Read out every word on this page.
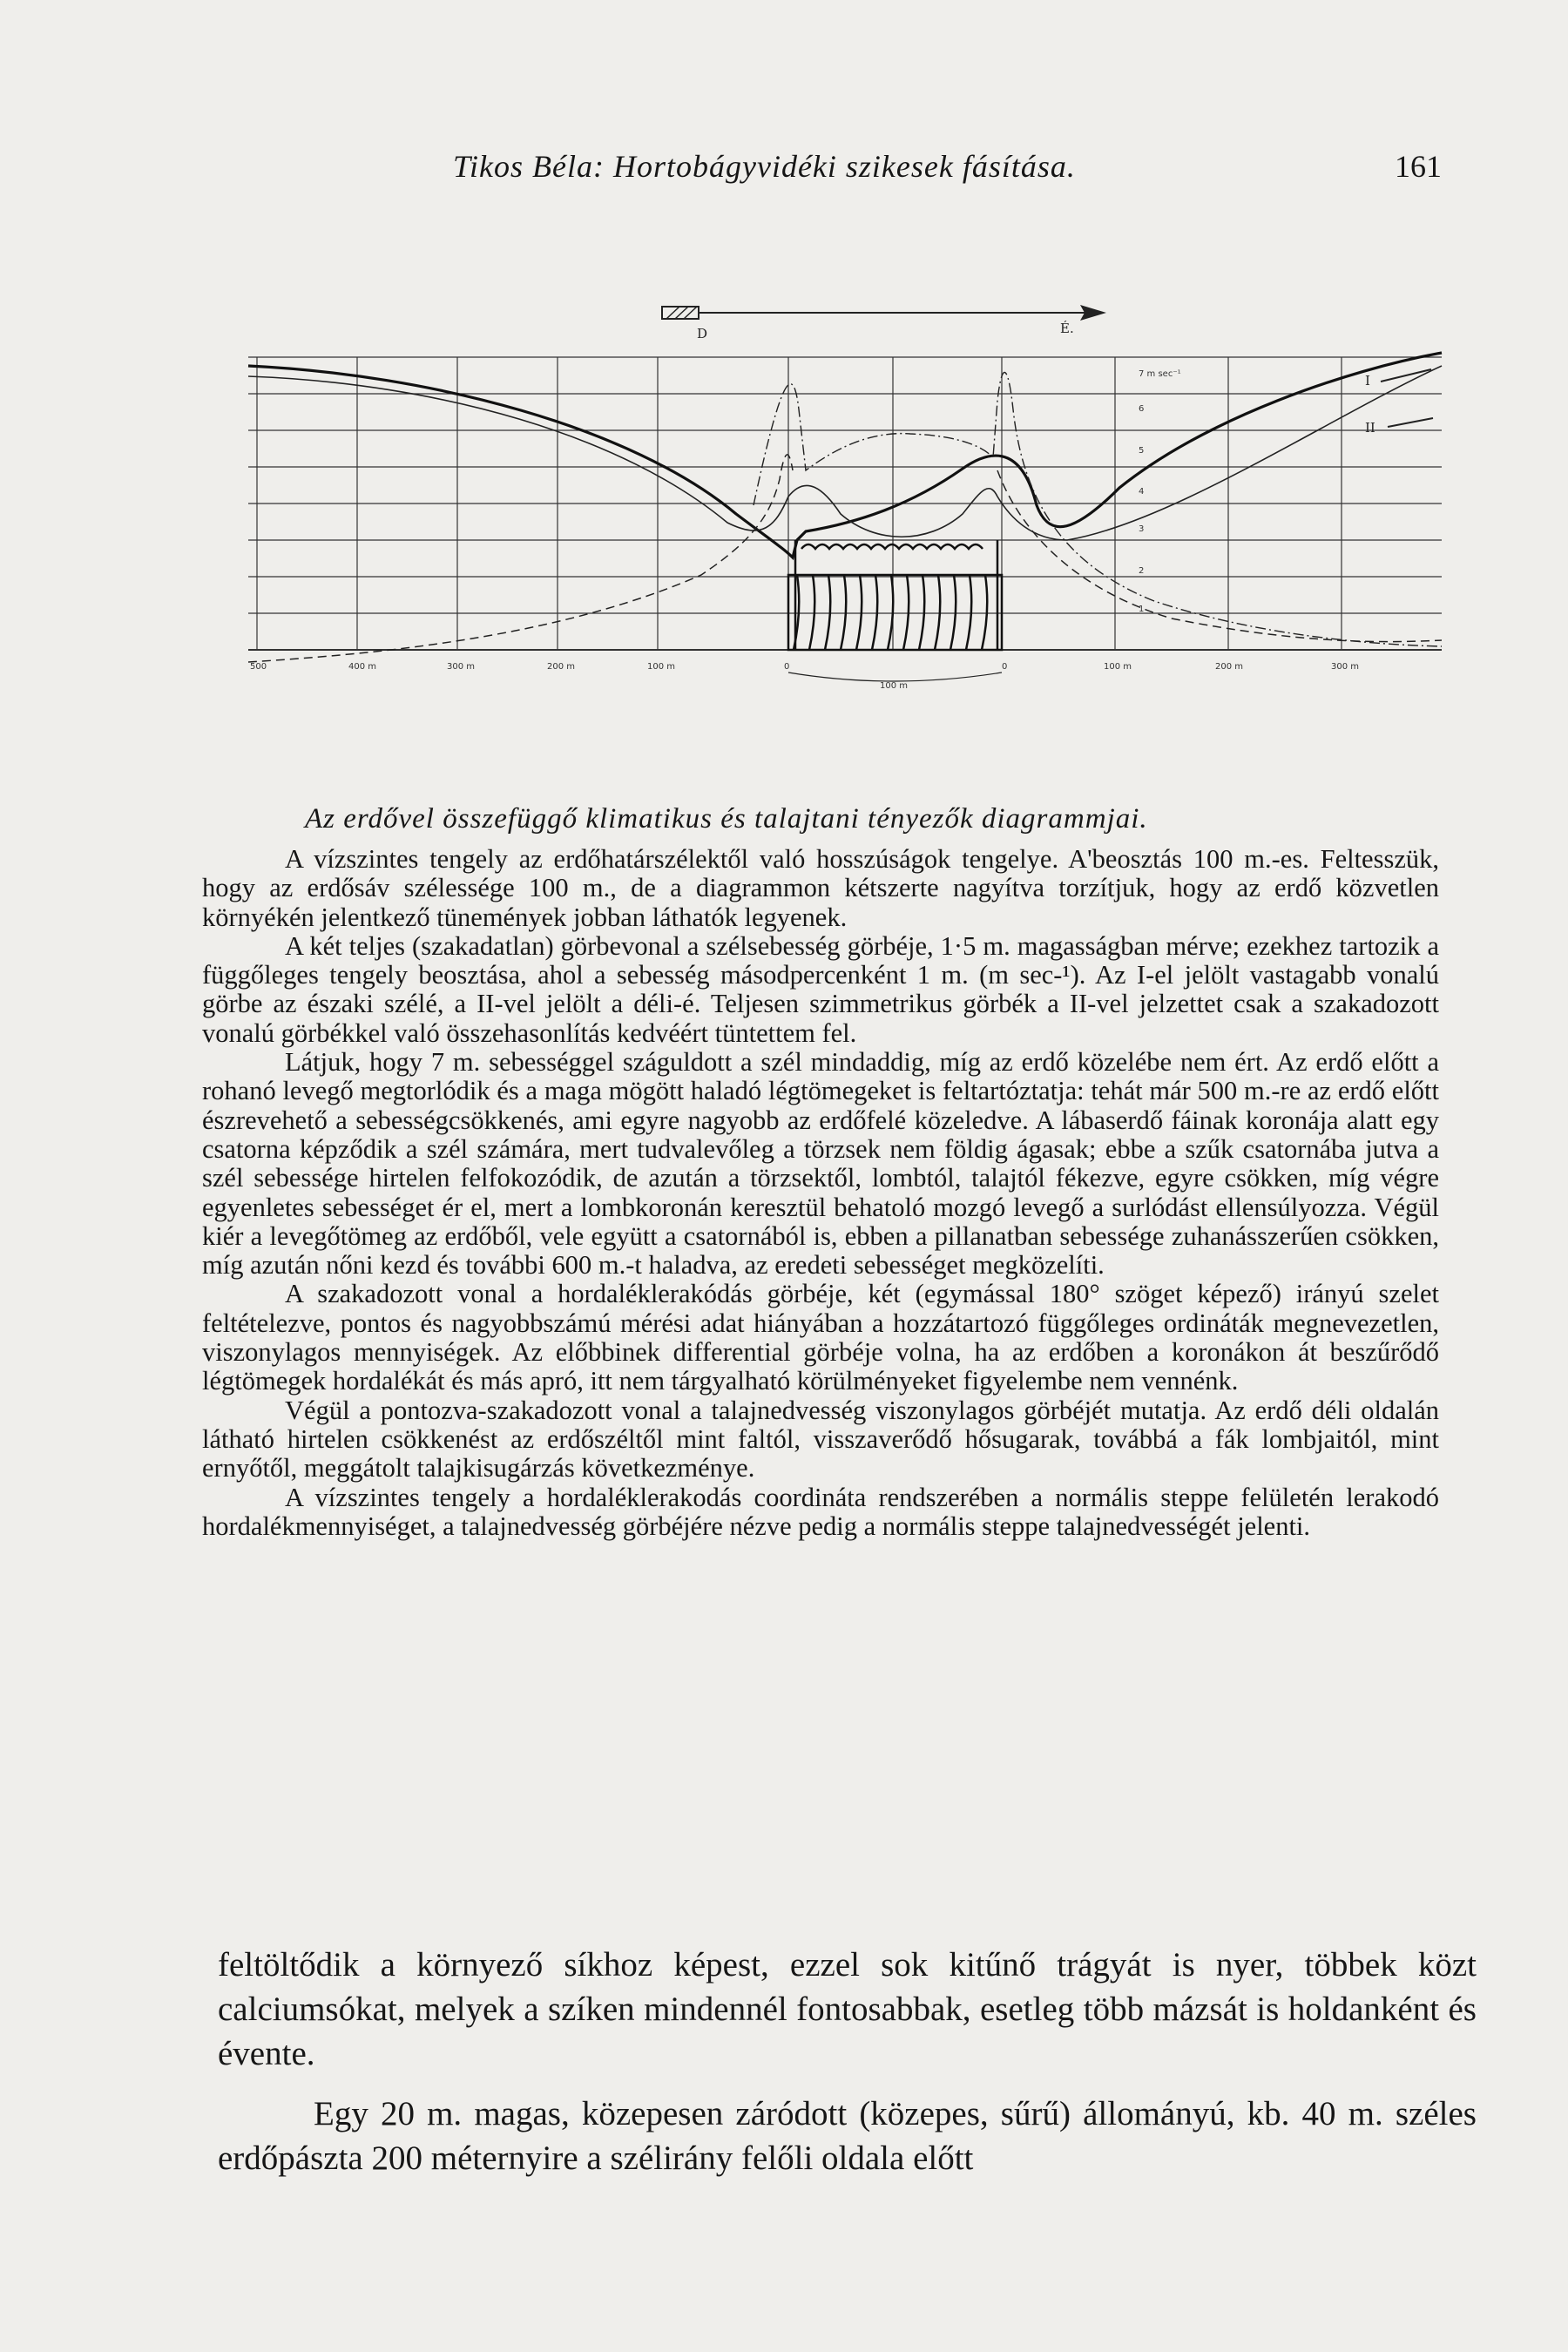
Tikos Béla: Hortobágyvidéki szikesek fásítása.	161
D	É.
7 m sec⁻¹
6
5
4
3
2
1
I
II
500	400 m	300 m	200 m	100 m	0
100 m
0	100 m	200 m	300 m
Az erdővel összefüggő klimatikus és talajtani tényezők diagrammjai.

A vízszintes tengely az erdőhatárszélektől való hosszúságok tengelye. A'beosztás 100 m.-es. Feltesszük, hogy az erdősáv szélessége 100 m., de a diagrammon kétszerte nagyítva torzítjuk, hogy az erdő közvetlen környékén jelentkező tünemények jobban láthatók legyenek.

A két teljes (szakadatlan) görbevonal a szélsebesség görbéje, 1·5 m. magasságban mérve; ezekhez tartozik a függőleges tengely beosztása, ahol a sebesség másodpercenként 1 m. (m sec-¹). Az I-el jelölt vastagabb vonalú görbe az északi szélé, a II-vel jelölt a déli-é. Teljesen szimmetrikus görbék a II-vel jelzettet csak a szakadozott vonalú görbékkel való összehasonlítás kedvéért tüntettem fel.

Látjuk, hogy 7 m. sebességgel száguldott a szél mindaddig, míg az erdő közelébe nem ért. Az erdő előtt a rohanó levegő megtorlódik és a maga mögött haladó légtömegeket is feltartóztatja: tehát már 500 m.-re az erdő előtt észrevehető a sebességcsökkenés, ami egyre nagyobb az erdőfelé közeledve. A lábaserdő fáinak koronája alatt egy csatorna képződik a szél számára, mert tudvalevőleg a törzsek nem földig ágasak; ebbe a szűk csatornába jutva a szél sebessége hirtelen felfokozódik, de azután a törzsektől, lombtól, talajtól fékezve, egyre csökken, míg végre egyenletes sebességet ér el, mert a lombkoronán keresztül behatoló mozgó levegő a surlódást ellensúlyozza. Végül kiér a levegőtömeg az erdőből, vele együtt a csatornából is, ebben a pillanatban sebessége zuhanásszerűen csökken, míg azután nőni kezd és további 600 m.-t haladva, az eredeti sebességet megközelíti.

A szakadozott vonal a hordaléklerakódás görbéje, két (egymással 180° szöget képező) irányú szelet feltételezve, pontos és nagyobbszámú mérési adat hiányában a hozzátartozó függőleges ordináták megnevezetlen, viszonylagos mennyiségek. Az előbbinek differential görbéje volna, ha az erdőben a koronákon át beszűrődő légtömegek hordalékát és más apró, itt nem tárgyalható körülményeket figyelembe nem vennénk.

Végül a pontozva-szakadozott vonal a talajnedvesség viszonylagos görbéjét mutatja. Az erdő déli oldalán látható hirtelen csökkenést az erdőszéltől mint faltól, visszaverődő hősugarak, továbbá a fák lombjaitól, mint ernyőtől, meggátolt talajkisugárzás következménye.

A vízszintes tengely a hordaléklerakodás coordináta rendszerében a normális steppe felületén lerakodó hordalékmennyiséget, a talajnedvesség görbéjére nézve pedig a normális steppe talajnedvességét jelenti.

feltöltődik a környező síkhoz képest, ezzel sok kitűnő trágyát is nyer, többek közt calciumsókat, melyek a szíken mindennél fontosabbak, esetleg több mázsát is holdanként és évente.

Egy 20 m. magas, közepesen záródott (közepes, sűrű) állományú, kb. 40 m. széles erdőpászta 200 méternyire a szélirány felőli oldala előtt
